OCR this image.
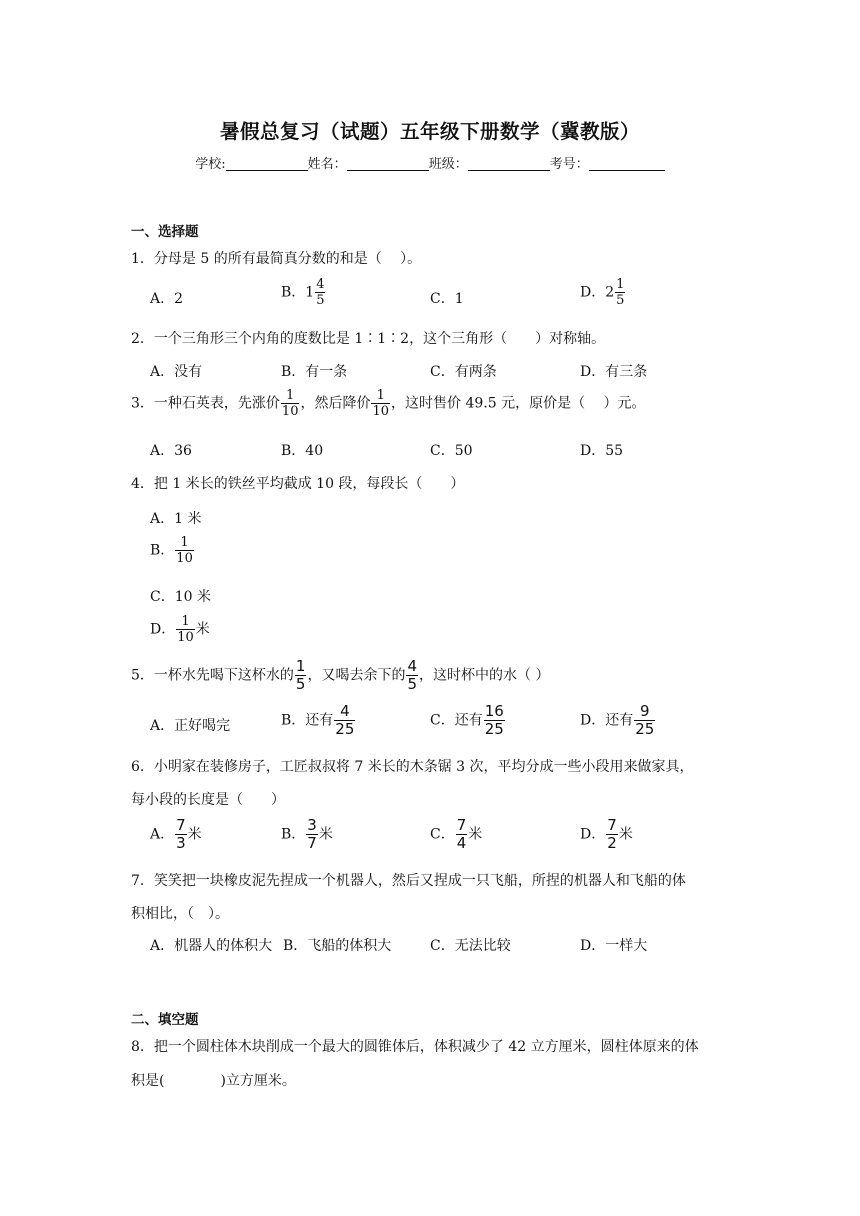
暑假总复习（试题）五年级下册数学（冀教版）
学校:	姓名：	班级：	考号：
一、选择题
1．分母是 5 的所有最简真分数的和是（　 ）。
A．2	B．$1 \frac{4}{5}$	C．1	D．$2 \frac{1}{5}$
2．一个三角形三个内角的度数比是 1∶1∶2，这个三角形（　　）对称轴。
A．没有	B．有一条	C．有两条	D．有三条
3．一种石英表，先涨价 $\frac{1}{10}$ ，然后降价 $\frac{1}{10}$ ，这时售价 49.5 元，原价是（　 ）元。
A．36	B．40	C．50	D．55
4．把 1 米长的铁丝平均截成 10 段，每段长（　　）
A．1 米
B． $\frac{1}{10}$
C．10 米
D． $\frac{1}{10}$ 米
5．一杯水先喝下这杯水的 $\frac{1}{5}$ ，又喝去余下的 $\frac{4}{5}$ ，这时杯中的水（ ）
A．正好喝完	B．还有 $\frac{4}{25}$	C．还有 $\frac{16}{25}$	D．还有 $\frac{9}{25}$
6．小明家在装修房子，工匠叔叔将 7 米长的木条锯 3 次，平均分成一些小段用来做家具，
每小段的长度是（　　）
A． $\frac{7}{3}$ 米	B． $\frac{3}{7}$ 米	C． $\frac{7}{4}$ 米	D． $\frac{7}{2}$ 米
7．笑笑把一块橡皮泥先捏成一个机器人，然后又捏成一只飞船，所捏的机器人和飞船的体
积相比，（　）。
A．机器人的体积大 B．飞船的体积大	C．无法比较	D．一样大
二、填空题
8．把一个圆柱体木块削成一个最大的圆锥体后，体积减少了 42 立方厘米，圆柱体原来的体
积是(　　　　)立方厘米。
